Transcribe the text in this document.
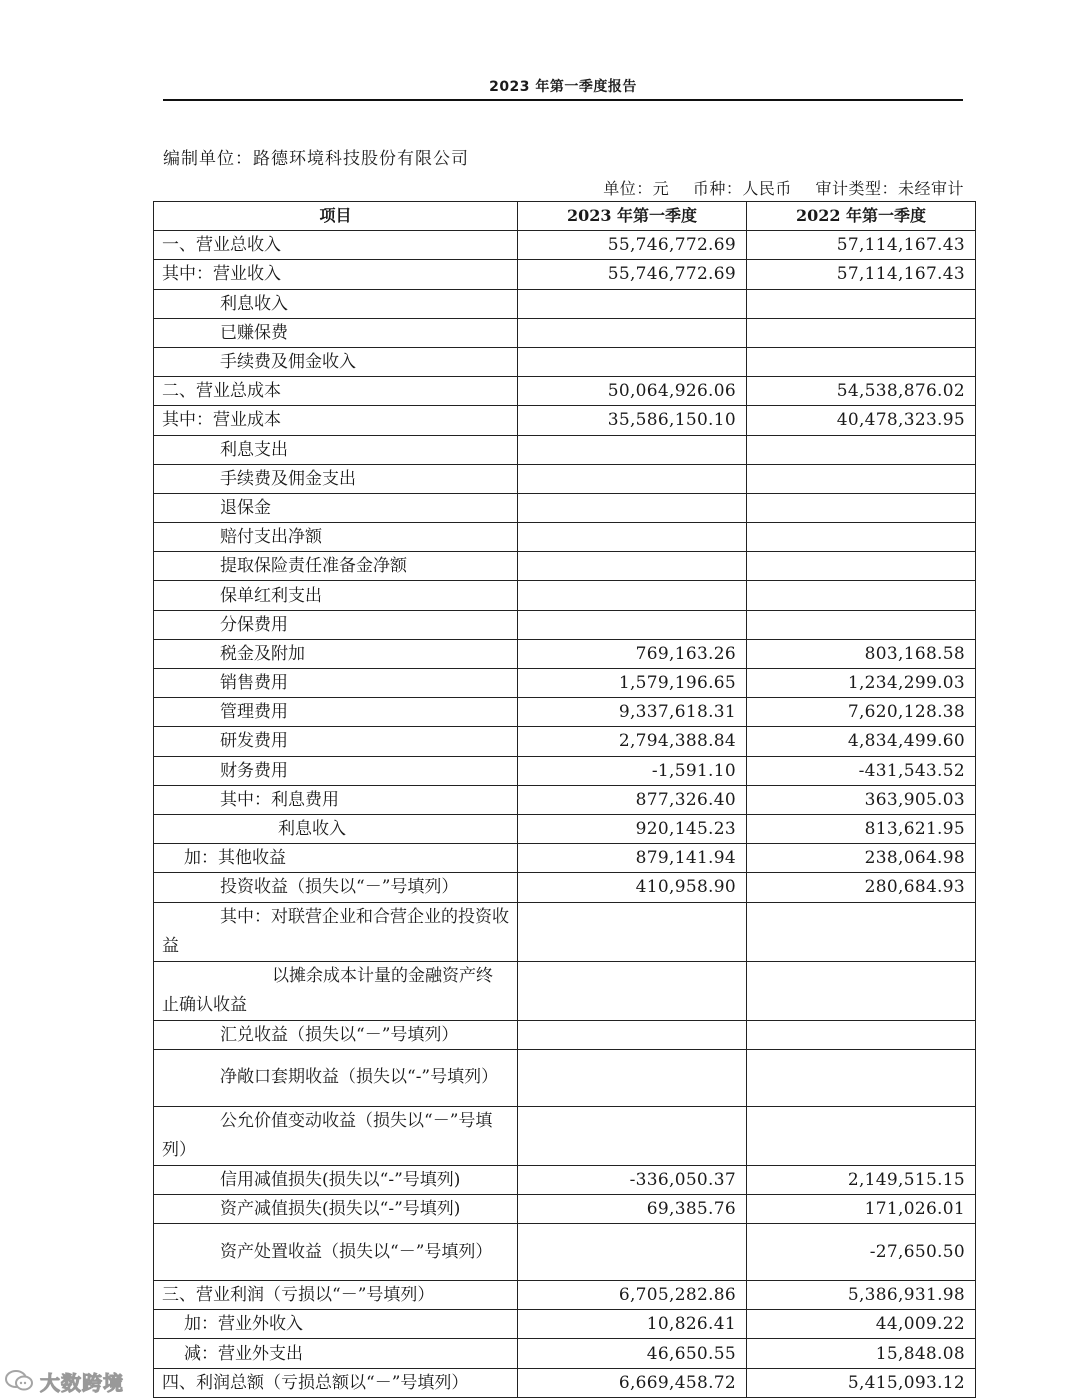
2023 年第一季度报告
编制单位：路德环境科技股份有限公司
单位：元 币种：人民币 审计类型：未经审计
项目	2023 年第一季度	2022 年第一季度
一、营业总收入	55,746,772.69	57,114,167.43
其中：营业收入	55,746,772.69	57,114,167.43
利息收入		
已赚保费		
手续费及佣金收入		
二、营业总成本	50,064,926.06	54,538,876.02
其中：营业成本	35,586,150.10	40,478,323.95
利息支出		
手续费及佣金支出		
退保金		
赔付支出净额		
提取保险责任准备金净额		
保单红利支出		
分保费用		
税金及附加	769,163.26	803,168.58
销售费用	1,579,196.65	1,234,299.03
管理费用	9,337,618.31	7,620,128.38
研发费用	2,794,388.84	4,834,499.60
财务费用	-1,591.10	-431,543.52
其中：利息费用	877,326.40	363,905.03
利息收入	920,145.23	813,621.95
加：其他收益	879,141.94	238,064.98
投资收益（损失以“－”号填列）	410,958.90	280,684.93
其中：对联营企业和合营企业的投资收益		
以摊余成本计量的金融资产终止确认收益		
汇兑收益（损失以“－”号填列）		
净敞口套期收益（损失以“-”号填列）		
公允价值变动收益（损失以“－”号填列）		
信用减值损失(损失以“-”号填列)	-336,050.37	2,149,515.15
资产减值损失(损失以“-”号填列)	69,385.76	171,026.01
资产处置收益（损失以“－”号填列）		-27,650.50
三、营业利润（亏损以“－”号填列）	6,705,282.86	5,386,931.98
加：营业外收入	10,826.41	44,009.22
减：营业外支出	46,650.55	15,848.08
四、利润总额（亏损总额以“－”号填列）	6,669,458.72	5,415,093.12
大数跨境
